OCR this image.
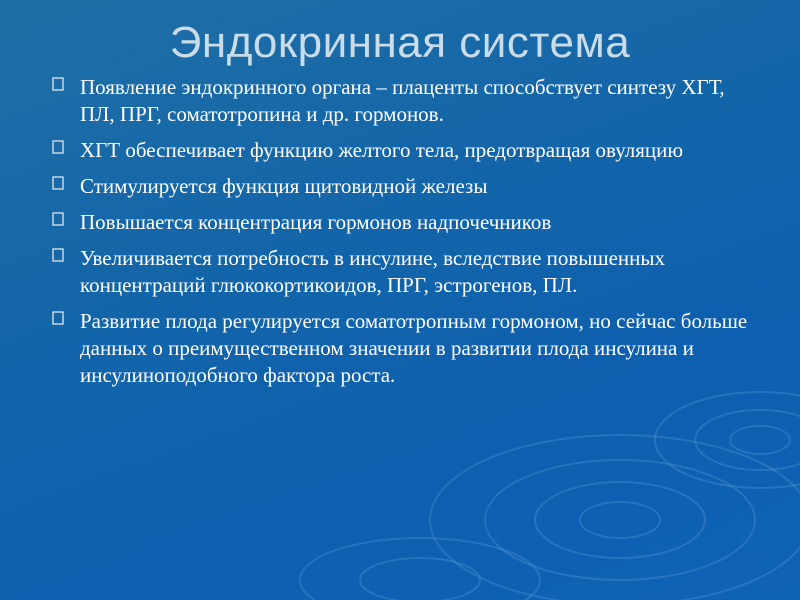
Эндокринная система
Появление эндокринного органа – плаценты способствует синтезу ХГТ, ПЛ, ПРГ, соматотропина и др. гормонов.
ХГТ обеспечивает функцию желтого тела, предотвращая овуляцию
Стимулируется функция щитовидной железы
Повышается концентрация гормонов надпочечников
Увеличивается потребность в инсулине, вследствие повышенных концентраций глюкокортикоидов, ПРГ, эстрогенов, ПЛ.
Развитие плода регулируется соматотропным гормоном, но сейчас больше данных о преимущественном значении в развитии плода инсулина и инсулиноподобного фактора роста.
